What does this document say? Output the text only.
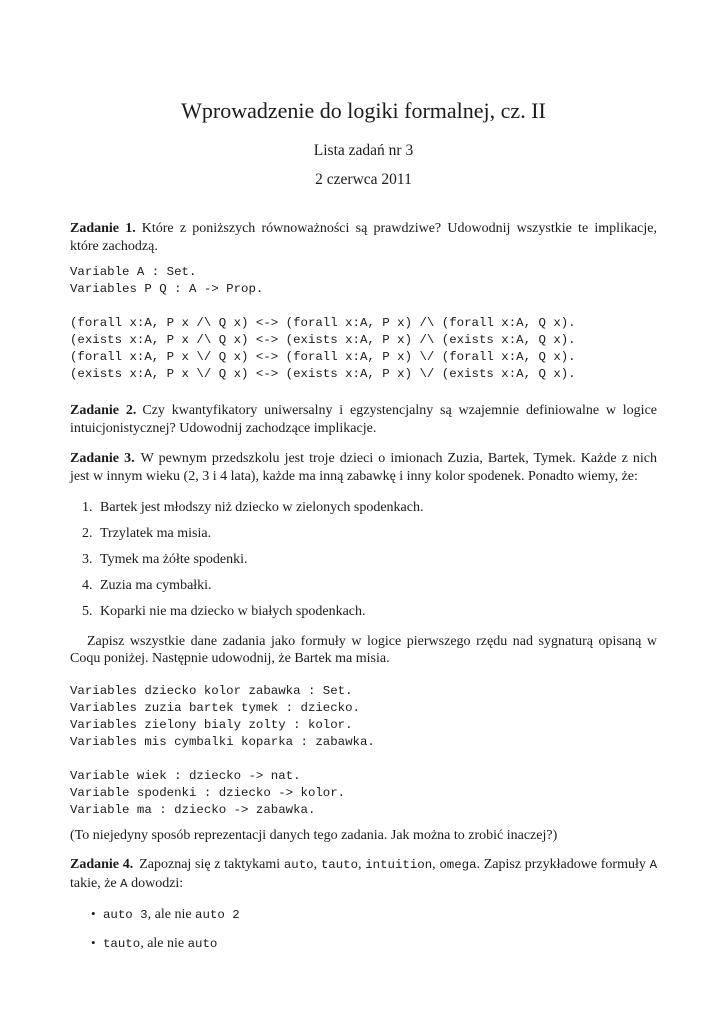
Wprowadzenie do logiki formalnej, cz. II
Lista zadań nr 3
2 czerwca 2011

Zadanie 1. Które z poniższych równoważności są prawdziwe? Udowodnij wszystkie te implikacje, które zachodzą.

Variable A : Set.
Variables P Q : A -> Prop.
(forall x:A, P x /\ Q x) <-> (forall x:A, P x) /\ (forall x:A, Q x).
(exists x:A, P x /\ Q x) <-> (exists x:A, P x) /\ (exists x:A, Q x).
(forall x:A, P x \/ Q x) <-> (forall x:A, P x) \/ (forall x:A, Q x).
(exists x:A, P x \/ Q x) <-> (exists x:A, P x) \/ (exists x:A, Q x).

Zadanie 2. Czy kwantyfikatory uniwersalny i egzystencjalny są wzajemnie definiowalne w logice intuicjonistycznej? Udowodnij zachodzące implikacje.

Zadanie 3. W pewnym przedszkolu jest troje dzieci o imionach Zuzia, Bartek, Tymek. Każde z nich jest w innym wieku (2, 3 i 4 lata), każde ma inną zabawkę i inny kolor spodenek. Ponadto wiemy, że:

1. Bartek jest młodszy niż dziecko w zielonych spodenkach.
2. Trzylatek ma misia.
3. Tymek ma żółte spodenki.
4. Zuzia ma cymbałki.
5. Koparki nie ma dziecko w białych spodenkach.

Zapisz wszystkie dane zadania jako formuły w logice pierwszego rzędu nad sygnaturą opisaną w Coqu poniżej. Następnie udowodnij, że Bartek ma misia.

Variables dziecko kolor zabawka : Set.
Variables zuzia bartek tymek : dziecko.
Variables zielony bialy zolty : kolor.
Variables mis cymbalki koparka : zabawka.
Variable wiek : dziecko -> nat.
Variable spodenki : dziecko -> kolor.
Variable ma : dziecko -> zabawka.

(To niejedyny sposób reprezentacji danych tego zadania. Jak można to zrobić inaczej?)

Zadanie 4. Zapoznaj się z taktykami auto, tauto, intuition, omega. Zapisz przykładowe formuły A takie, że A dowodzi:

•
auto 3, ale nie auto 2
•
tauto, ale nie auto
